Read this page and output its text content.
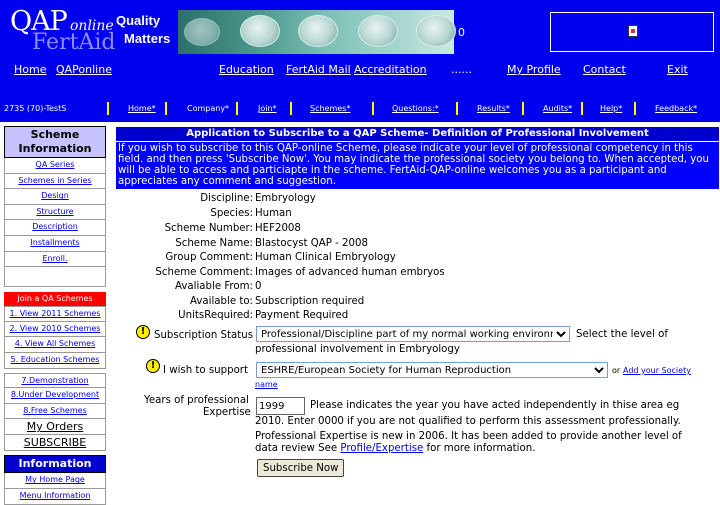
FertAid
QAP online Quality
Matters	0
Home QAPonline	Education FertAid Mail Accreditation ......	My Profile Contact	Exit
2735 (70)-TestS	Home*	Company*	Join*	Schemes*	Questions:*	Results*	Audits*	Help*	Feedback*
Scheme Information
QA Series
Schemes in Series
Design
Structure
Description
Installments
Enroll.
Join a QA Schemes
1. View 2011 Schemes
2. View 2010 Schemes
4. View All Schemes
5. Education Schemes
7.Demonstration
8.Under Development
8.Free Schemes
My Orders
SUBSCRIBE
Information
My Home Page
Menu Information
Application to Subscribe to a QAP Scheme- Definition of Professional Involvement
If you wish to subscribe to this QAP-online Scheme, please indicate your level of professional competency in this field. and then press 'Subscribe Now'. You may indicate the professional society you belong to. When accepted, you will be able to access and particiapte in the scheme. FertAid-QAP-online welcomes you as a participant and appreciates any comment and suggestion.
Discipline: Embryology
Species: Human
Scheme Number: HEF2008
Scheme Name: Blastocyst QAP - 2008
Group Comment: Human Clinical Embryology
Scheme Comment: Images of advanced human embryos
Avaliable From: 0
Available to: Subscription required
UnitsRequired: Payment Required
! Subscription Status
Professional/Discipline part of my normal working environment	Select the level of
professional involvement in Embryology
! I wish to support
ESHRE/European Society for Human Reproduction	or Add your Society
name
Years of professional
Expertise
1999
Please indicates the year you have acted independently in thise area eg
2010. Enter 0000 if you are not qualified to perform this assessment professionally.
Professional Expertise is new in 2006. It has been added to provide another level of
data review See Profile/Expertise for more information.
Subscribe Now
